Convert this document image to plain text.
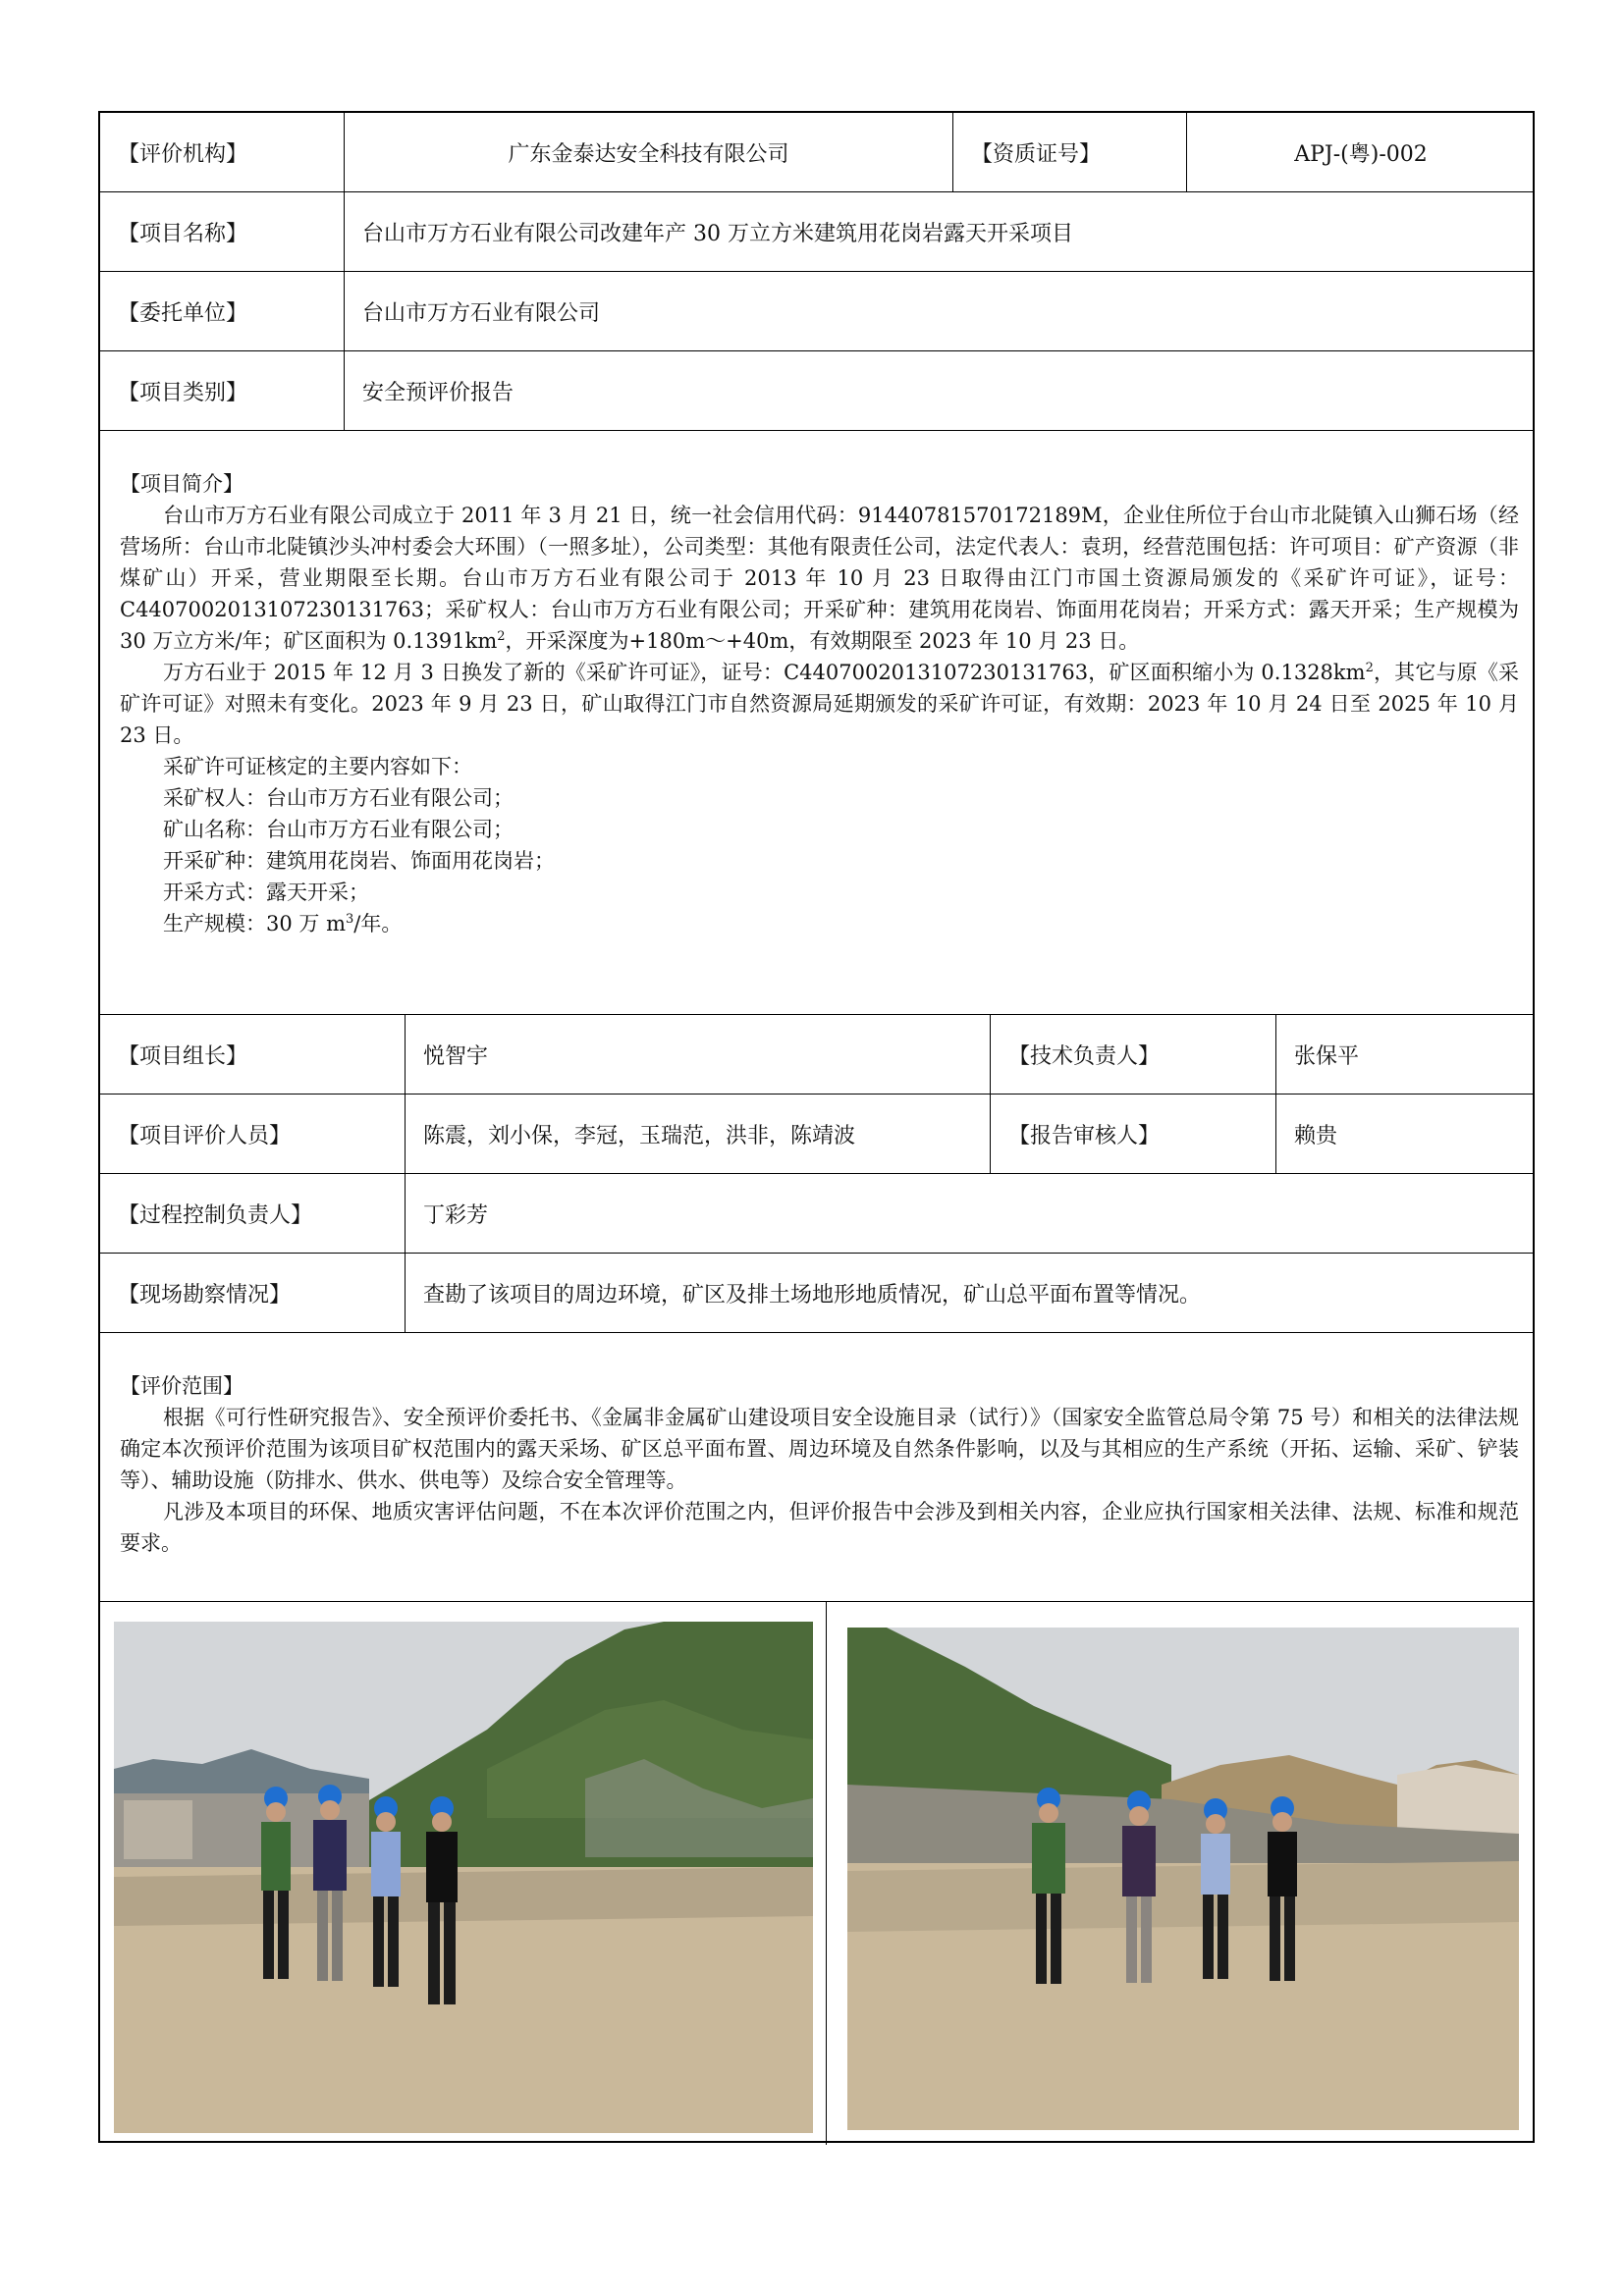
【评价机构】	广东金泰达安全科技有限公司	【资质证号】	APJ-(粤)-002
【项目名称】	台山市万方石业有限公司改建年产 30 万立方米建筑用花岗岩露天开采项目
【委托单位】	台山市万方石业有限公司
【项目类别】	安全预评价报告

【项目简介】

台山市万方石业有限公司成立于 2011 年 3 月 21 日，统一社会信用代码：91440781570172189M，企业住所位于台山市北陡镇入山狮石场（经营场所：台山市北陡镇沙头冲村委会大环围）（一照多址），公司类型：其他有限责任公司，法定代表人：袁玥，经营范围包括：许可项目：矿产资源（非煤矿山）开采，营业期限至长期。台山市万方石业有限公司于 2013 年 10 月 23 日取得由江门市国土资源局颁发的《采矿许可证》，证号：C4407002013107230131763；采矿权人：台山市万方石业有限公司；开采矿种：建筑用花岗岩、饰面用花岗岩；开采方式：露天开采；生产规模为 30 万立方米/年；矿区面积为 $0.1391km^2$，开采深度为+180m～+40m，有效期限至 2023 年 10 月 23 日。

万方石业于 2015 年 12 月 3 日换发了新的《采矿许可证》，证号：C4407002013107230131763，矿区面积缩小为 $0.1328km^2$，其它与原《采矿许可证》对照未有变化。2023 年 9 月 23 日，矿山取得江门市自然资源局延期颁发的采矿许可证，有效期：2023 年 10 月 24 日至 2025 年 10 月 23 日。

采矿许可证核定的主要内容如下：

采矿权人：台山市万方石业有限公司；

矿山名称：台山市万方石业有限公司；

开采矿种：建筑用花岗岩、饰面用花岗岩；

开采方式：露天开采；

生产规模：30 万 $m^3/$年。

【项目组长】	悦智宇	【技术负责人】	张保平
【项目评价人员】	陈震，刘小保，李冠，玉瑞范，洪非，陈靖波	【报告审核人】	赖贵
【过程控制负责人】	丁彩芳
【现场勘察情况】	查勘了该项目的周边环境，矿区及排土场地形地质情况，矿山总平面布置等情况。

【评价范围】

根据《可行性研究报告》、安全预评价委托书、《金属非金属矿山建设项目安全设施目录（试行）》（国家安全监管总局令第 75 号）和相关的法律法规确定本次预评价范围为该项目矿权范围内的露天采场、矿区总平面布置、周边环境及自然条件影响，以及与其相应的生产系统（开拓、运输、采矿、铲装等）、辅助设施（防排水、供水、供电等）及综合安全管理等。

凡涉及本项目的环保、地质灾害评估问题，不在本次评价范围之内，但评价报告中会涉及到相关内容，企业应执行国家相关法律、法规、标准和规范要求。
